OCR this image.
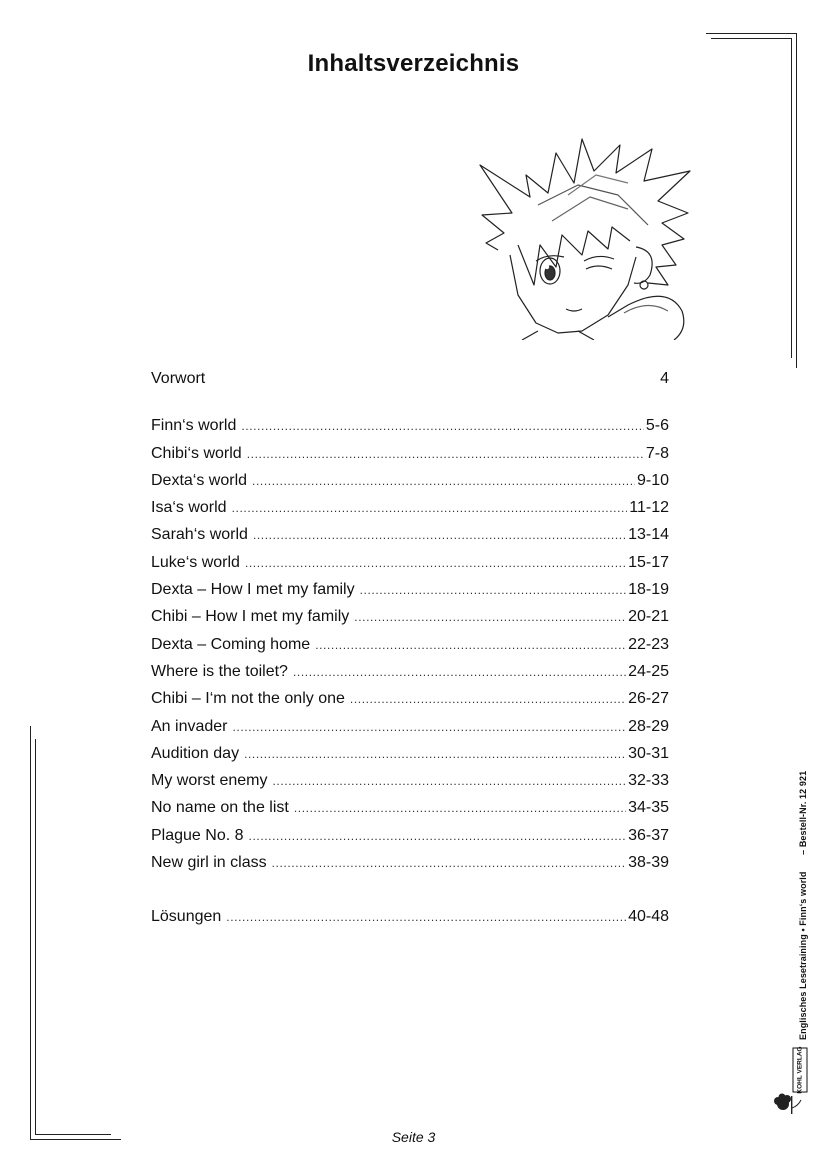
Inhaltsverzeichnis
Vorwort	4
Finn‘s world .....	5-6
Chibi‘s world .....	7-8
Dexta‘s world .....	9-10
Isa‘s world .....	11-12
Sarah‘s world .....	13-14
Luke‘s world .....	15-17
Dexta – How I met my family .....	18-19
Chibi – How I met my family .....	20-21
Dexta – Coming home .....	22-23
Where is the toilet? .....	24-25
Chibi – I‘m not the only one .....	26-27
An invader .....	28-29
Audition day .....	30-31
My worst enemy .....	32-33
No name on the list .....	34-35
Plague No. 8 .....	36-37
New girl in class .....	38-39
Lösungen .....	40-48
Englisches Lesetraining • Finn‘s world – Bestell-Nr. 12 921
KOHL VERLAG
Seite 3
